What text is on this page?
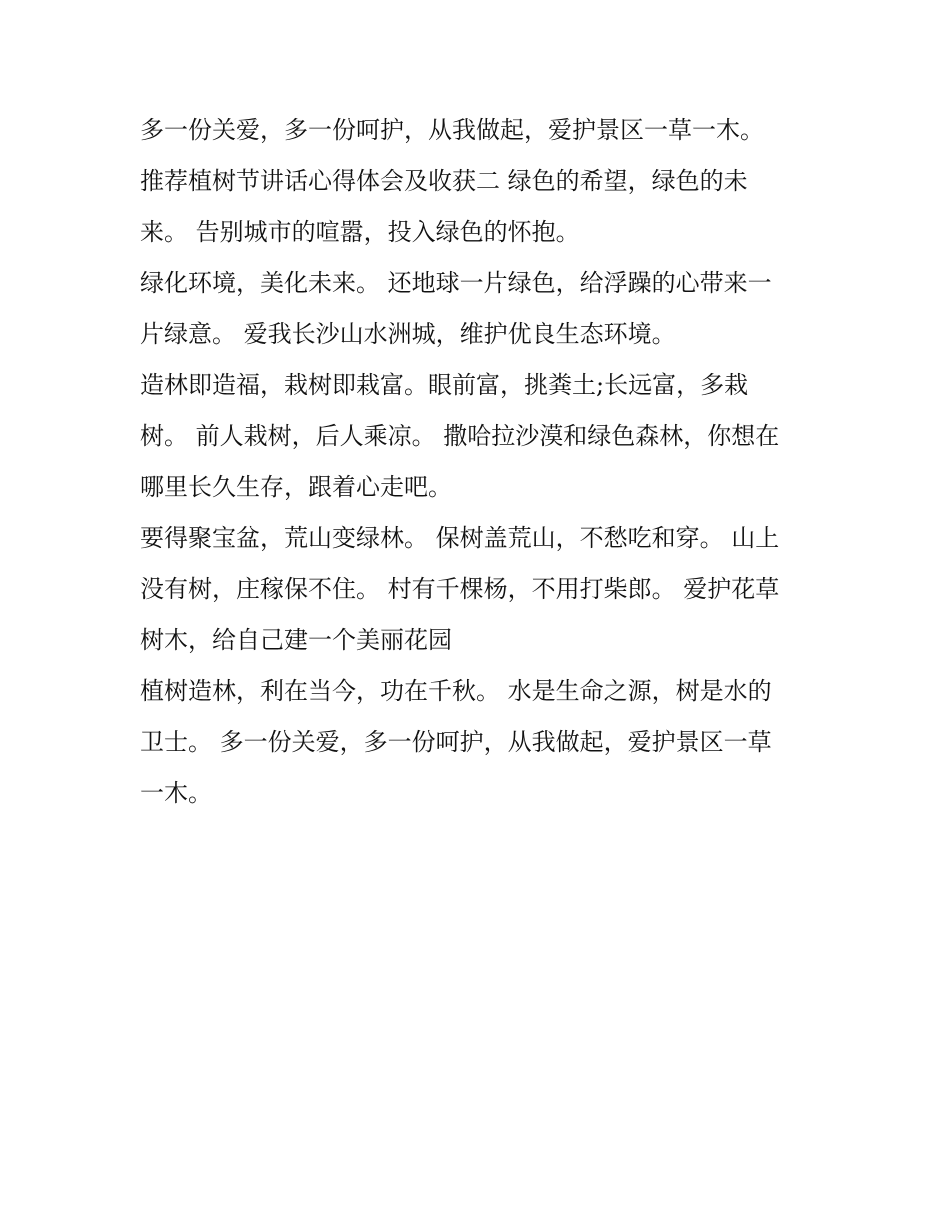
多一份关爱，多一份呵护，从我做起，爱护景区一草一木。
推荐植树节讲话心得体会及收获二 绿色的希望，绿色的未
来。 告别城市的喧嚣，投入绿色的怀抱。
绿化环境，美化未来。 还地球一片绿色，给浮躁的心带来一
片绿意。 爱我长沙山水洲城，维护优良生态环境。
造林即造福，栽树即栽富。眼前富，挑粪土;长远富，多栽
树。 前人栽树，后人乘凉。 撒哈拉沙漠和绿色森林，你想在
哪里长久生存，跟着心走吧。
要得聚宝盆，荒山变绿林。 保树盖荒山，不愁吃和穿。 山上
没有树，庄稼保不住。 村有千棵杨，不用打柴郎。 爱护花草
树木，给自己建一个美丽花园
植树造林，利在当今，功在千秋。 水是生命之源，树是水的
卫士。 多一份关爱，多一份呵护，从我做起，爱护景区一草
一木。
